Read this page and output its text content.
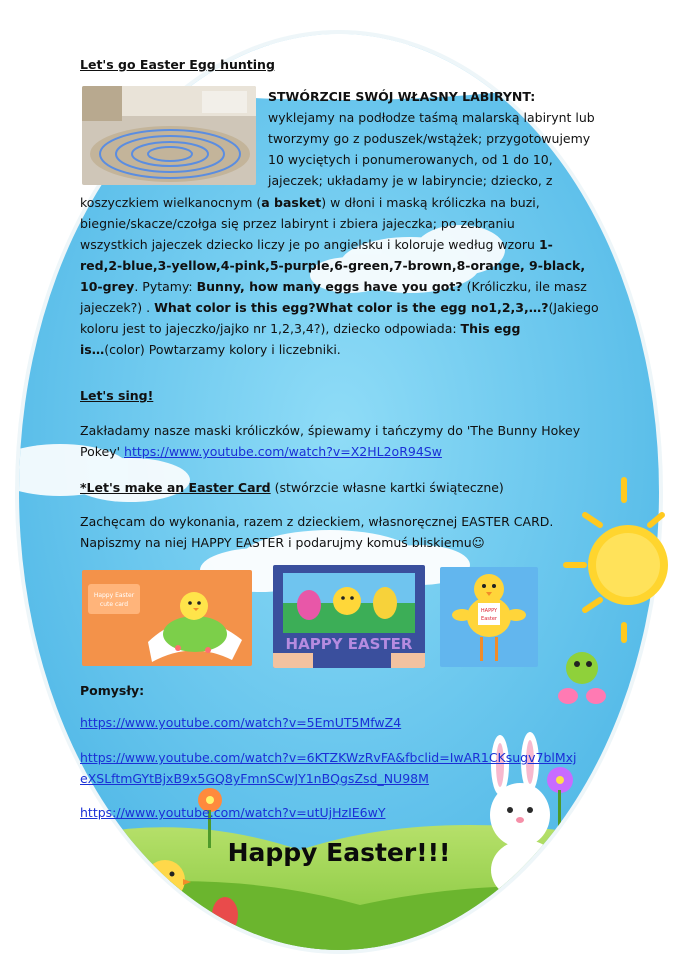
Let's go Easter Egg hunting
STWÓRZCIE SWÓJ WŁASNY LABIRYNT:
wyklejamy na podłodze taśmą malarską labirynt lub
tworzymy go z poduszek/wstążek; przygotowujemy
10 wyciętych i ponumerowanych, od 1 do 10,
jajeczek; układamy je w labiryncie; dziecko, z
koszyczkiem wielkanocnym (a basket) w dłoni i maską króliczka na buzi,
biegnie/skacze/czołga się przez labirynt i zbiera jajeczka; po zebraniu
wszystkich jajeczek dziecko liczy je po angielsku i koloruje według wzoru 1-
red,2-blue,3-yellow,4-pink,5-purple,6-green,7-brown,8-orange, 9-black,
10-grey. Pytamy: Bunny, how many eggs have you got? (Króliczku, ile masz
jajeczek?) . What color is this egg?What color is the egg no1,2,3,…?(Jakiego
koloru jest to jajeczko/jajko nr 1,2,3,4?), dziecko odpowiada: This egg
is…(color) Powtarzamy kolory i liczebniki.
Let's sing!
Zakładamy nasze maski króliczków, śpiewamy i tańczymy do 'The Bunny Hokey
Pokey' https://www.youtube.com/watch?v=X2HL2oR94Sw
*Let's make an Easter Card (stwórzcie własne kartki świąteczne)
Zachęcam do wykonania, razem z dzieckiem, własnoręcznej EASTER CARD.
Napiszmy na niej HAPPY EASTER i podarujmy komuś bliskiemu☺
Happy Easter
cute card
HAPPY EASTER
HAPPY
Easter
Pomysły:
https://www.youtube.com/watch?v=5EmUT5MfwZ4
https://www.youtube.com/watch?v=6KTZKWzRvFA&fbclid=IwAR1CKsugv7blMxj
eXSLftmGYtBjxB9x5GQ8yFmnSCwJY1nBQgsZsd_NU98M
https://www.youtube.com/watch?v=utUjHzIE6wY
Happy Easter!!!
